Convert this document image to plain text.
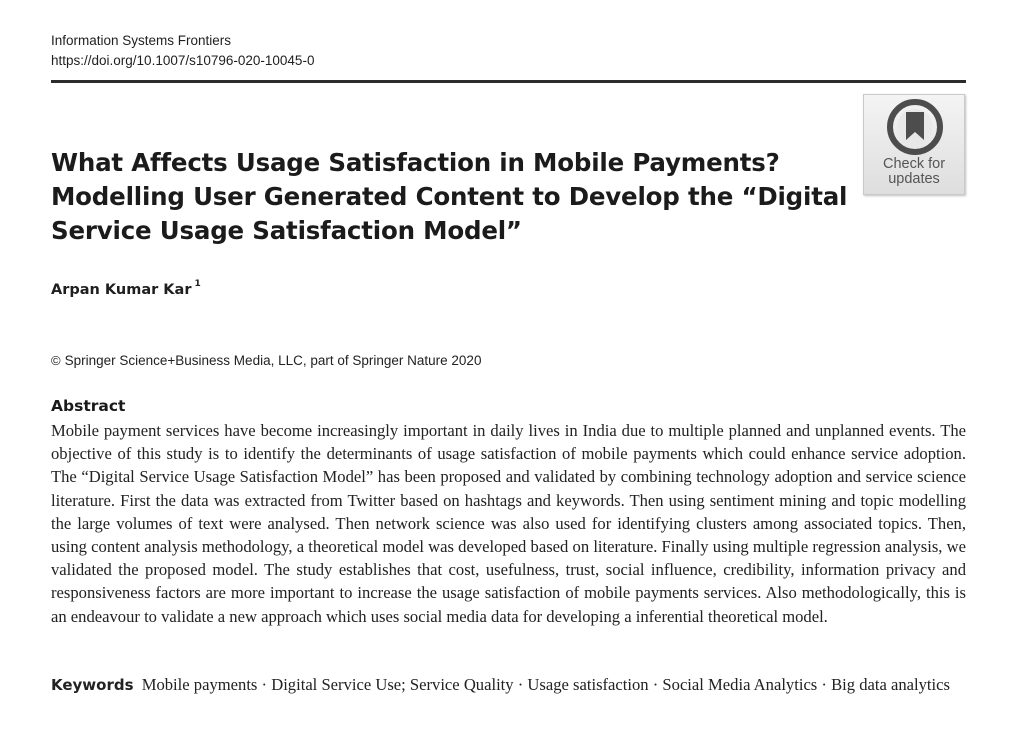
Information Systems Frontiers
https://doi.org/10.1007/s10796-020-10045-0
What Affects Usage Satisfaction in Mobile Payments? Modelling User Generated Content to Develop the “Digital Service Usage Satisfaction Model”
Check for
updates
Arpan Kumar Kar $^1$
© Springer Science+Business Media, LLC, part of Springer Nature 2020
Abstract

Mobile payment services have become increasingly important in daily lives in India due to multiple planned and unplanned events. The objective of this study is to identify the determinants of usage satisfaction of mobile payments which could enhance service adoption. The “Digital Service Usage Satisfaction Model” has been proposed and validated by combining technology adoption and service science literature. First the data was extracted from Twitter based on hashtags and keywords. Then using sentiment mining and topic modelling the large volumes of text were analysed. Then network science was also used for identifying clusters among associated topics. Then, using content analysis methodology, a theoretical model was developed based on literature. Finally using multiple regression analysis, we validated the proposed model. The study establishes that cost, usefulness, trust, social influence, credibility, information privacy and responsiveness factors are more important to increase the usage satisfaction of mobile payments services. Also methodologically, this is an endeavour to validate a new approach which uses social media data for developing a inferential theoretical model.

Keywords Mobile payments · Digital Service Use; Service Quality · Usage satisfaction · Social Media Analytics · Big data analytics
